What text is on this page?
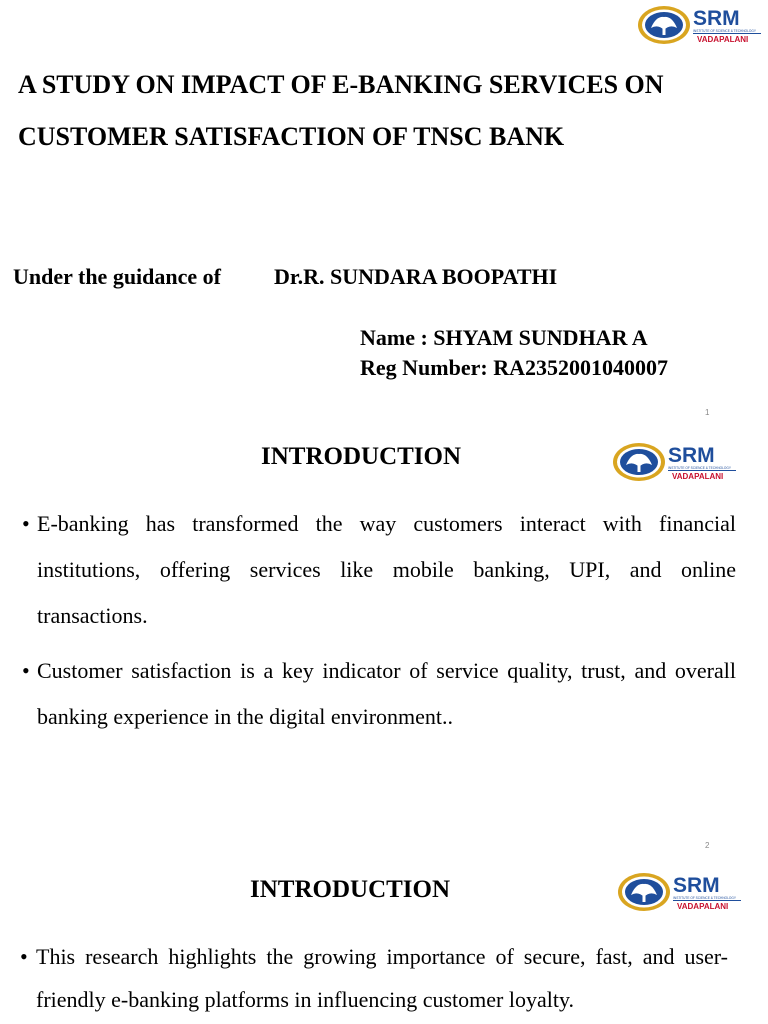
SRM
INSTITUTE OF SCIENCE & TECHNOLOGY
VADAPALANI
A STUDY ON IMPACT OF E-BANKING SERVICES ON
CUSTOMER SATISFACTION OF TNSC BANK
Under the guidance of Dr.R. SUNDARA BOOPATHI
Name : SHYAM SUNDHAR A
Reg Number: RA2352001040007
1
INTRODUCTION	SRM
INSTITUTE OF SCIENCE & TECHNOLOGY
VADAPALANI
• E-banking has transformed the way customers interact with financial institutions, offering services like mobile banking, UPI, and online transactions.
• Customer satisfaction is a key indicator of service quality, trust, and overall banking experience in the digital environment..
2
INTRODUCTION	SRM
INSTITUTE OF SCIENCE & TECHNOLOGY
VADAPALANI
• This research highlights the growing importance of secure, fast, and user-friendly e-banking platforms in influencing customer loyalty.
